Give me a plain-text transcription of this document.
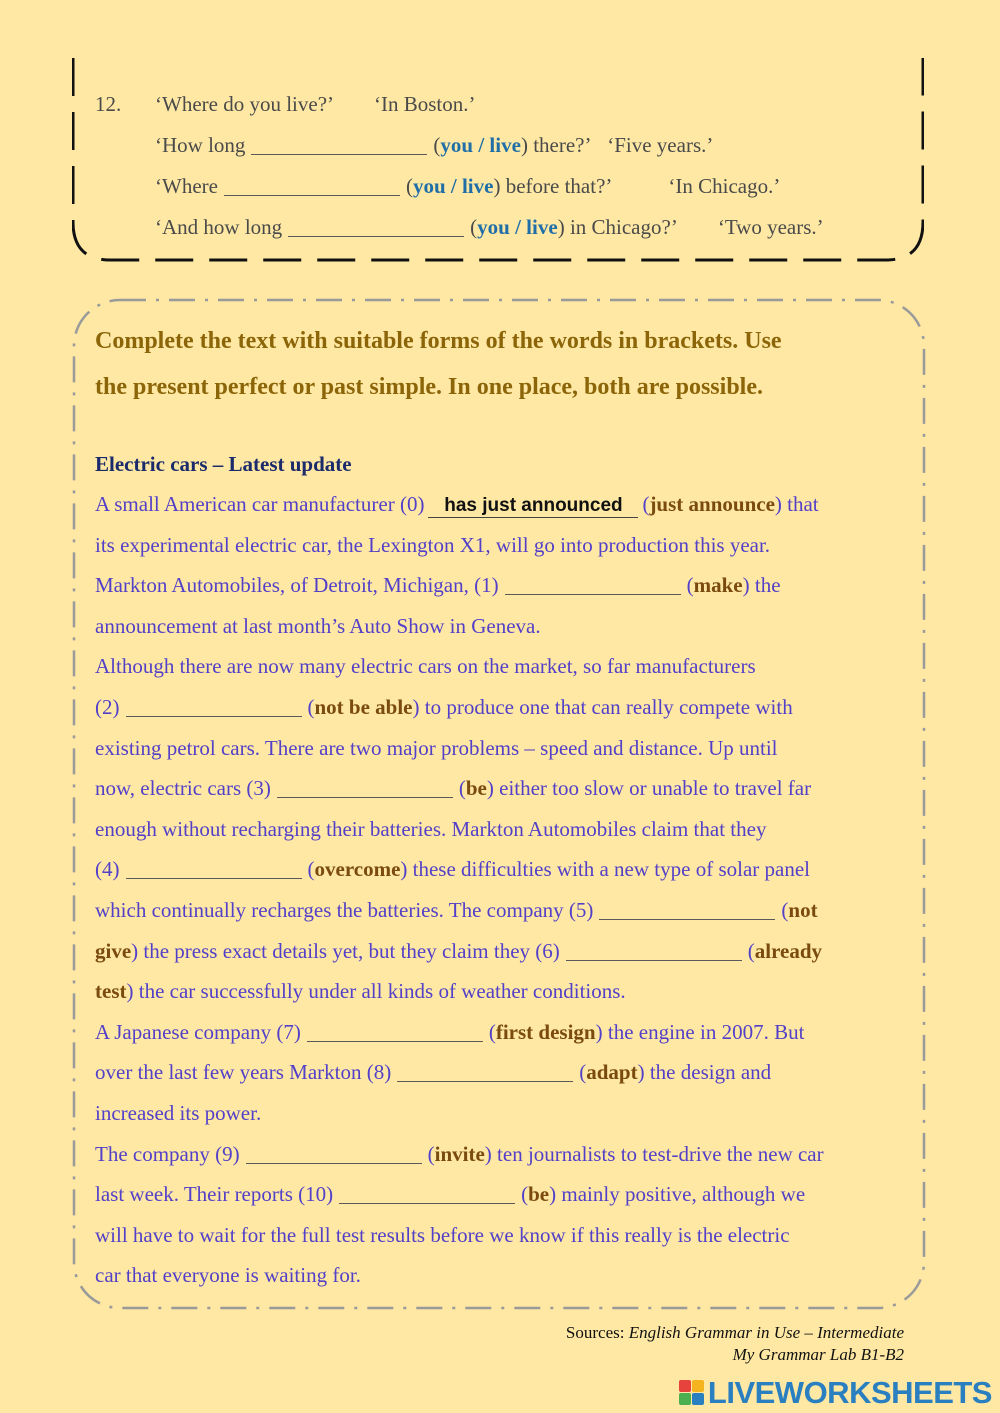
12. ‘Where do you live?’ ‘In Boston.’
‘How long	(you / live) there?’ ‘Five years.’
‘Where	(you / live) before that?’	‘In Chicago.’
‘And how long	(you / live) in Chicago?’ ‘Two years.’
Complete the text with suitable forms of the words in brackets. Use
the present perfect or past simple. In one place, both are possible.
Electric cars – Latest update
A small American car manufacturer (0) has just announced (just announce) that
its experimental electric car, the Lexington X1, will go into production this year.
Markton Automobiles, of Detroit, Michigan, (1)	(make) the
announcement at last month’s Auto Show in Geneva.
Although there are now many electric cars on the market, so far manufacturers
(2)	(not be able) to produce one that can really compete with
existing petrol cars. There are two major problems – speed and distance. Up until
now, electric cars (3)	(be) either too slow or unable to travel far
enough without recharging their batteries. Markton Automobiles claim that they
(4)	(overcome) these difficulties with a new type of solar panel
which continually recharges the batteries. The company (5)	(not
give) the press exact details yet, but they claim they (6)	(already
test) the car successfully under all kinds of weather conditions.
A Japanese company (7)	(first design) the engine in 2007. But
over the last few years Markton (8)	(adapt) the design and
increased its power.
The company (9)	(invite) ten journalists to test-drive the new car
last week. Their reports (10)	(be) mainly positive, although we
will have to wait for the full test results before we know if this really is the electric
car that everyone is waiting for.
Sources: English Grammar in Use – Intermediate
My Grammar Lab B1-B2
LIVEWORKSHEETS
